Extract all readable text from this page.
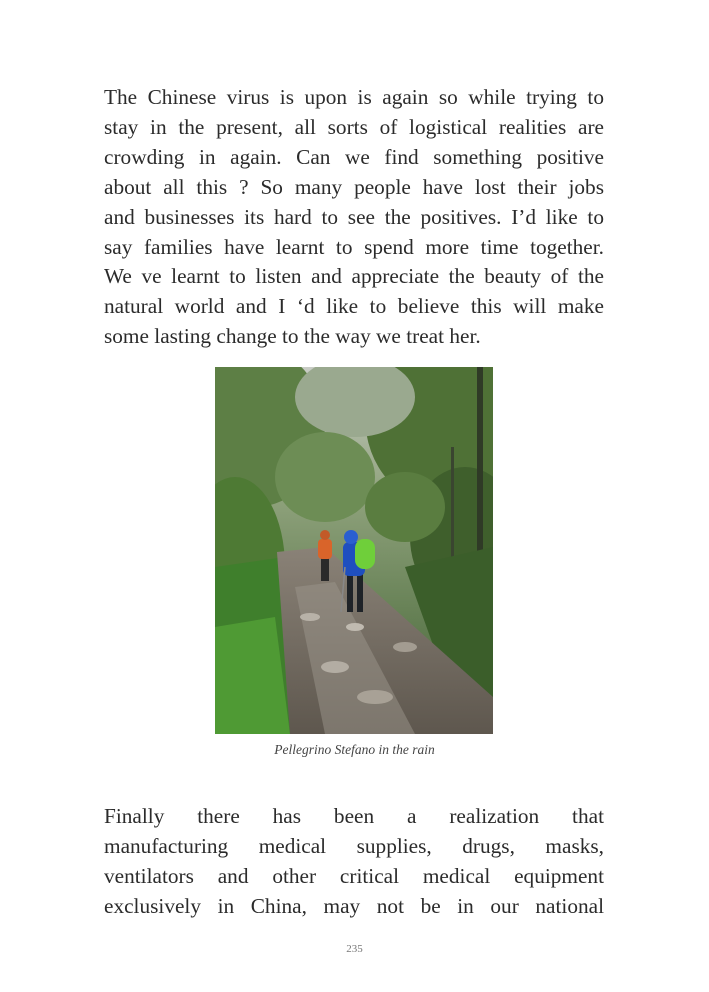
The Chinese virus is upon is again so while trying to
stay in the present, all sorts of logistical realities are
crowding in again. Can we find something positive
about all this ? So many people have lost their jobs
and businesses its hard to see the positives. I’d like to
say families have learnt to spend more time together.
We ve learnt to listen and appreciate the beauty of the
natural world and I ‘d like to believe this will make
some lasting change to the way we treat her.

Pellegrino Stefano in the rain

Finally there has been a realization that
manufacturing medical supplies, drugs, masks,
ventilators and other critical medical equipment
exclusively in China, may not be in our national

235
